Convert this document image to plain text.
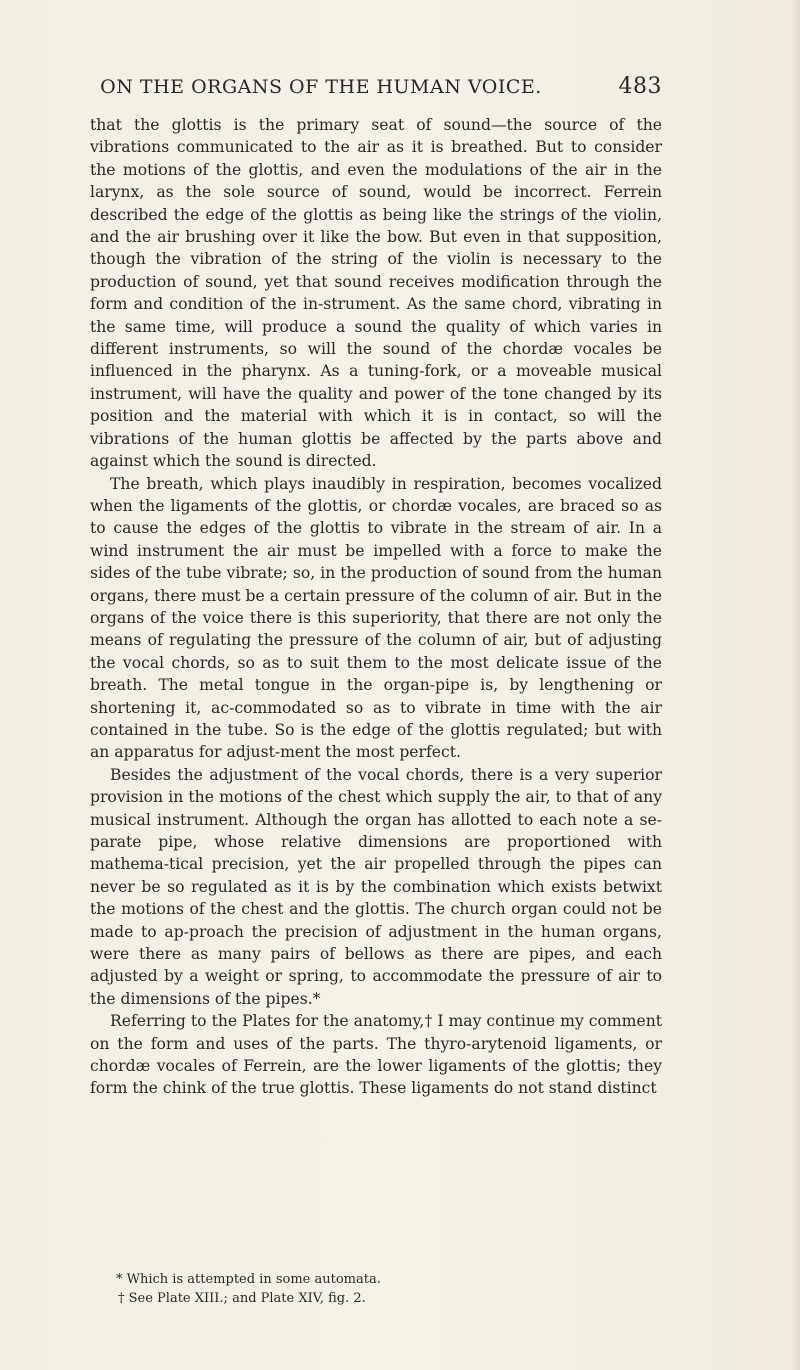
ON THE ORGANS OF THE HUMAN VOICE.	483

that the glottis is the primary seat of sound—the source of the vibrations communicated to the air as it is breathed. But to consider the motions of the glottis, and even the modulations of the air in the larynx, as the sole source of sound, would be incorrect. Ferrein described the edge of the glottis as being like the strings of the violin, and the air brushing over it like the bow. But even in that supposition, though the vibration of the string of the violin is necessary to the production of sound, yet that sound receives modification through the form and condition of the in-strument. As the same chord, vibrating in the same time, will produce a sound the quality of which varies in different instruments, so will the sound of the chordæ vocales be influenced in the pharynx. As a tuning-fork, or a moveable musical instrument, will have the quality and power of the tone changed by its position and the material with which it is in contact, so will the vibrations of the human glottis be affected by the parts above and against which the sound is directed.

The breath, which plays inaudibly in respiration, becomes vocalized when the ligaments of the glottis, or chordæ vocales, are braced so as to cause the edges of the glottis to vibrate in the stream of air. In a wind instrument the air must be impelled with a force to make the sides of the tube vibrate; so, in the production of sound from the human organs, there must be a certain pressure of the column of air. But in the organs of the voice there is this superiority, that there are not only the means of regulating the pressure of the column of air, but of adjusting the vocal chords, so as to suit them to the most delicate issue of the breath. The metal tongue in the organ-pipe is, by lengthening or shortening it, ac-commodated so as to vibrate in time with the air contained in the tube. So is the edge of the glottis regulated; but with an apparatus for adjust-ment the most perfect.

Besides the adjustment of the vocal chords, there is a very superior provision in the motions of the chest which supply the air, to that of any musical instrument. Although the organ has allotted to each note a se-parate pipe, whose relative dimensions are proportioned with mathema-tical precision, yet the air propelled through the pipes can never be so regulated as it is by the combination which exists betwixt the motions of the chest and the glottis. The church organ could not be made to ap-proach the precision of adjustment in the human organs, were there as many pairs of bellows as there are pipes, and each adjusted by a weight or spring, to accommodate the pressure of air to the dimensions of the pipes.*

Referring to the Plates for the anatomy,† I may continue my comment on the form and uses of the parts. The thyro-arytenoid ligaments, or chordæ vocales of Ferrein, are the lower ligaments of the glottis; they form the chink of the true glottis. These ligaments do not stand distinct

* Which is attempted in some automata.

† See Plate XIII.; and Plate XIV, fig. 2.
